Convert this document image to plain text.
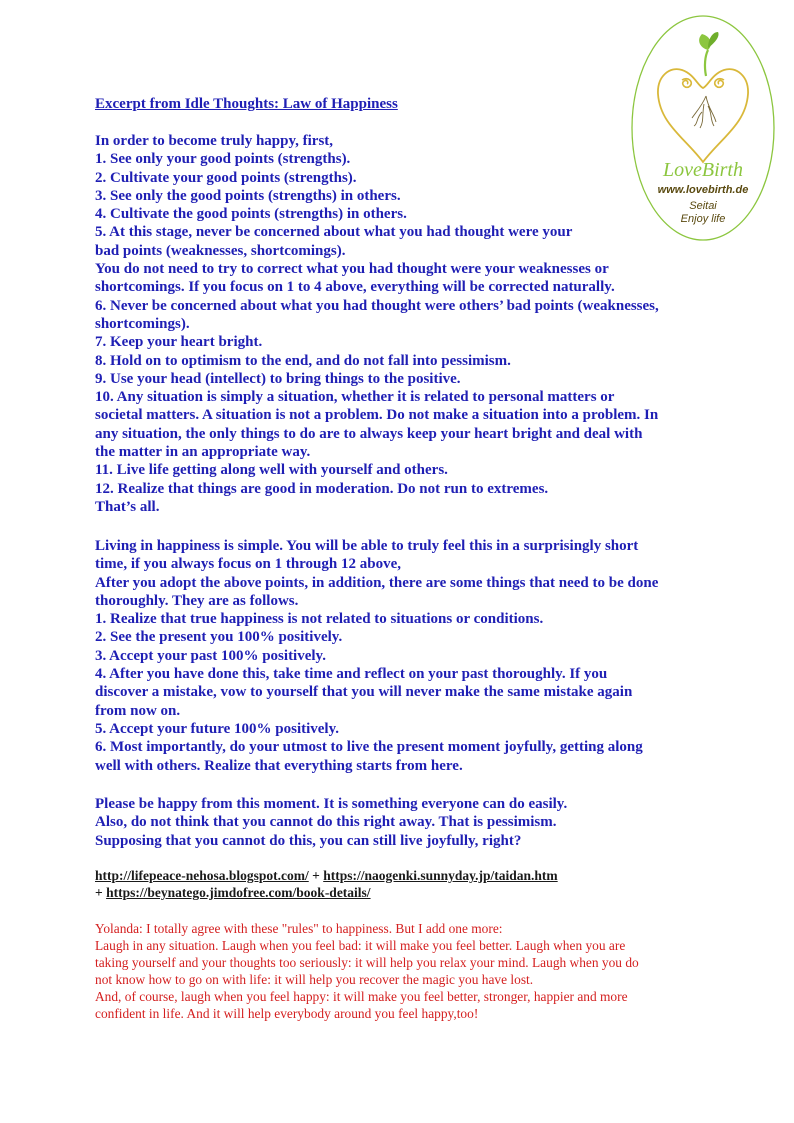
Excerpt from Idle Thoughts: Law of Happiness

In order to become truly happy, first,

1. See only your good points (strengths).

2. Cultivate your good points (strengths).

3. See only the good points (strengths) in others.

4. Cultivate the good points (strengths) in others.

5. At this stage, never be concerned about what you had thought were your

bad points (weaknesses, shortcomings).

You do not need to try to correct what you had thought were your weaknesses or

shortcomings. If you focus on 1 to 4 above, everything will be corrected naturally.

6. Never be concerned about what you had thought were others’ bad points (weaknesses,

shortcomings).

7. Keep your heart bright.

8. Hold on to optimism to the end, and do not fall into pessimism.

9. Use your head (intellect) to bring things to the positive.

10. Any situation is simply a situation, whether it is related to personal matters or

societal matters. A situation is not a problem. Do not make a situation into a problem. In

any situation, the only things to do are to always keep your heart bright and deal with

the matter in an appropriate way.

11. Live life getting along well with yourself and others.

12. Realize that things are good in moderation. Do not run to extremes.

That’s all.

Living in happiness is simple. You will be able to truly feel this in a surprisingly short

time, if you always focus on 1 through 12 above,

After you adopt the above points, in addition, there are some things that need to be done

thoroughly. They are as follows.

1. Realize that true happiness is not related to situations or conditions.

2. See the present you 100% positively.

3. Accept your past 100% positively.

4. After you have done this, take time and reflect on your past thoroughly. If you

discover a mistake, vow to yourself that you will never make the same mistake again

from now on.

5. Accept your future 100% positively.

6. Most importantly, do your utmost to live the present moment joyfully, getting along

well with others. Realize that everything starts from here.

Please be happy from this moment. It is something everyone can do easily.

Also, do not think that you cannot do this right away. That is pessimism.

Supposing that you cannot do this, you can still live joyfully, right?

http://lifepeace-nehosa.blogspot.com/ + https://naogenki.sunnyday.jp/taidan.htm
+ https://beynatego.jimdofree.com/book-details/

Yolanda: I totally agree with these "rules" to happiness. But I add one more:

Laugh in any situation. Laugh when you feel bad: it will make you feel better. Laugh when you are

taking yourself and your thoughts too seriously: it will help you relax your mind. Laugh when you do

not know how to go on with life: it will help you recover the magic you have lost.

And, of course, laugh when you feel happy: it will make you feel better, stronger, happier and more

confident in life. And it will help everybody around you feel happy,too!

LoveBirth
www.lovebirth.de
Seitai
Enjoy life
